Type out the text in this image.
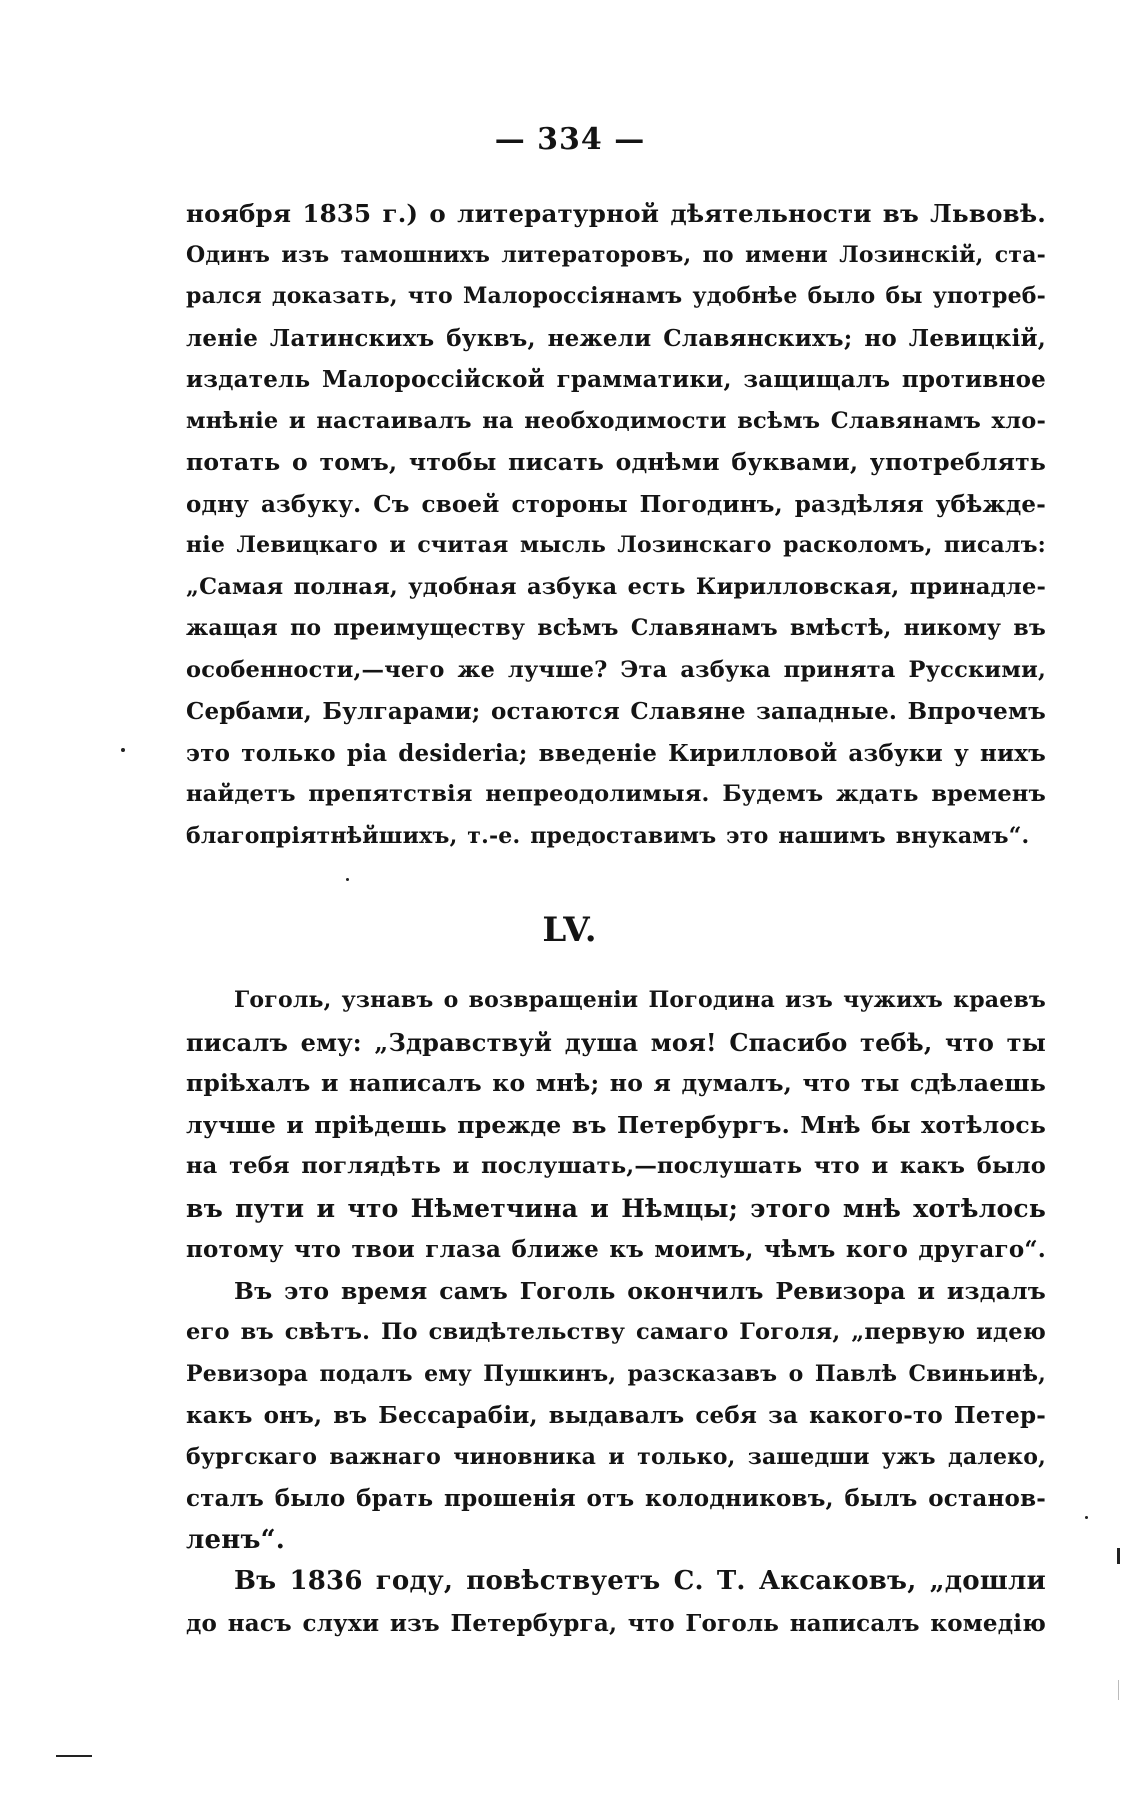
— 334 —
ноября 1835 г.) о литературной дѣятельности въ Львовѣ.
Одинъ изъ тамошнихъ литераторовъ, по имени Лозинскій, ста-
рался доказать, что Малороссіянамъ удобнѣе было бы употреб-
леніе Латинскихъ буквъ, нежели Славянскихъ; но Левицкій,
издатель Малороссійской грамматики, защищалъ противное
мнѣніе и настаивалъ на необходимости всѣмъ Славянамъ хло-
потать о томъ, чтобы писать однѣми буквами, употреблять
одну азбуку. Съ своей стороны Погодинъ, раздѣляя убѣжде-
ніе Левицкаго и считая мысль Лозинскаго расколомъ, писалъ:
„Самая полная, удобная азбука есть Кирилловская, принадле-
жащая по преимуществу всѣмъ Славянамъ вмѣстѣ, никому въ
особенности,—чего же лучше? Эта азбука принята Русскими,
Сербами, Булгарами; остаются Славяне западные. Впрочемъ
это только pia desideria; введеніе Кирилловой азбуки у нихъ
найдетъ препятствія непреодолимыя. Будемъ ждать временъ
благопріятнѣйшихъ, т.-е. предоставимъ это нашимъ внукамъ“.
LV.
Гоголь, узнавъ о возвращеніи Погодина изъ чужихъ краевъ
писалъ ему: „Здравствуй душа моя! Спасибо тебѣ, что ты
пріѣхалъ и написалъ ко мнѣ; но я думалъ, что ты сдѣлаешь
лучше и пріѣдешь прежде въ Петербургъ. Мнѣ бы хотѣлось
на тебя поглядѣть и послушать,—послушать что и какъ было
въ пути и что Нѣметчина и Нѣмцы; этого мнѣ хотѣлось
потому что твои глаза ближе къ моимъ, чѣмъ кого другаго“.
Въ это время самъ Гоголь окончилъ Ревизора и издалъ
его въ свѣтъ. По свидѣтельству самаго Гоголя, „первую идею
Ревизора подалъ ему Пушкинъ, разсказавъ о Павлѣ Свиньинѣ,
какъ онъ, въ Бессарабіи, выдавалъ себя за какого-то Петер-
бургскаго важнаго чиновника и только, зашедши ужъ далеко,
сталъ было брать прошенія отъ колодниковъ, былъ останов-
ленъ“.
Въ 1836 году, повѣствуетъ С. Т. Аксаковъ, „дошли
до насъ слухи изъ Петербурга, что Гоголь написалъ комедію
